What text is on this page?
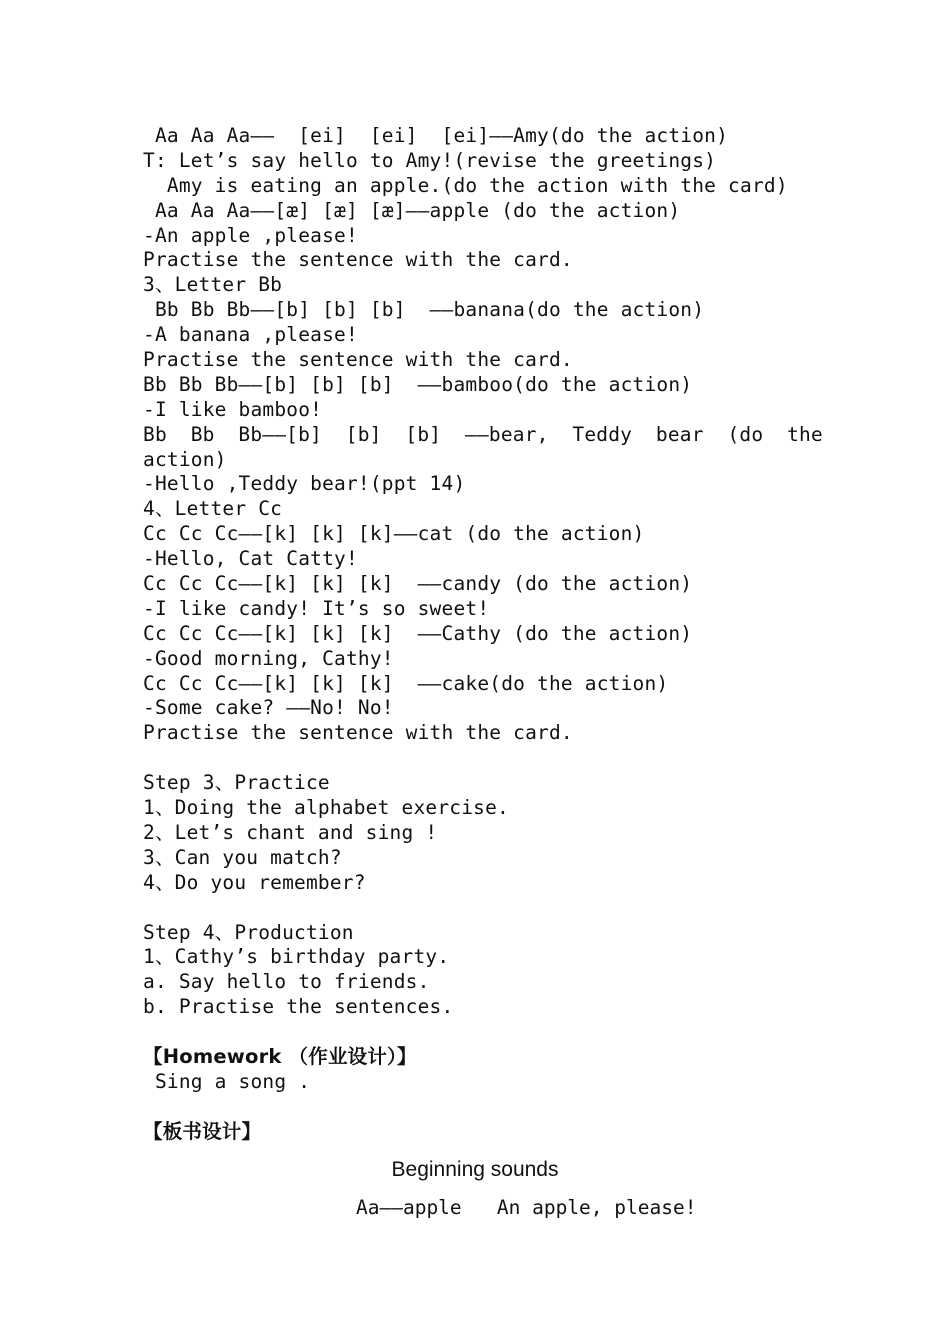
Aa Aa Aa——  [ei]  [ei]  [ei]——Amy(do the action)
T: Let’s say hello to Amy!(revise the greetings)
Amy is eating an apple.(do the action with the card)
Aa Aa Aa——[æ] [æ] [æ]——apple (do the action)
-An apple ,please!
Practise the sentence with the card.
3、Letter Bb
Bb Bb Bb——[b] [b] [b]  ——banana(do the action)
-A banana ,please!
Practise the sentence with the card.
Bb Bb Bb——[b] [b] [b]  ——bamboo(do the action)
-I like bamboo!
Bb Bb Bb——[b] [b] [b] ——bear, Teddy bear (do the
action)
-Hello ,Teddy bear!(ppt 14)
4、Letter Cc
Cc Cc Cc——[k] [k] [k]——cat (do the action)
-Hello, Cat Catty!
Cc Cc Cc——[k] [k] [k]  ——candy (do the action)
-I like candy! It’s so sweet!
Cc Cc Cc——[k] [k] [k]  ——Cathy (do the action)
-Good morning, Cathy!
Cc Cc Cc——[k] [k] [k]  ——cake(do the action)
-Some cake? ——No! No!
Practise the sentence with the card.
Step 3、Practice
1、Doing the alphabet exercise.
2、Let’s chant and sing !
3、Can you match?
4、Do you remember?
Step 4、Production
1、Cathy’s birthday party.
a. Say hello to friends.
b. Practise the sentences.
【Homework （作业设计）】
Sing a song .
【板书设计】
Beginning sounds
Aa——apple   An apple, please!
